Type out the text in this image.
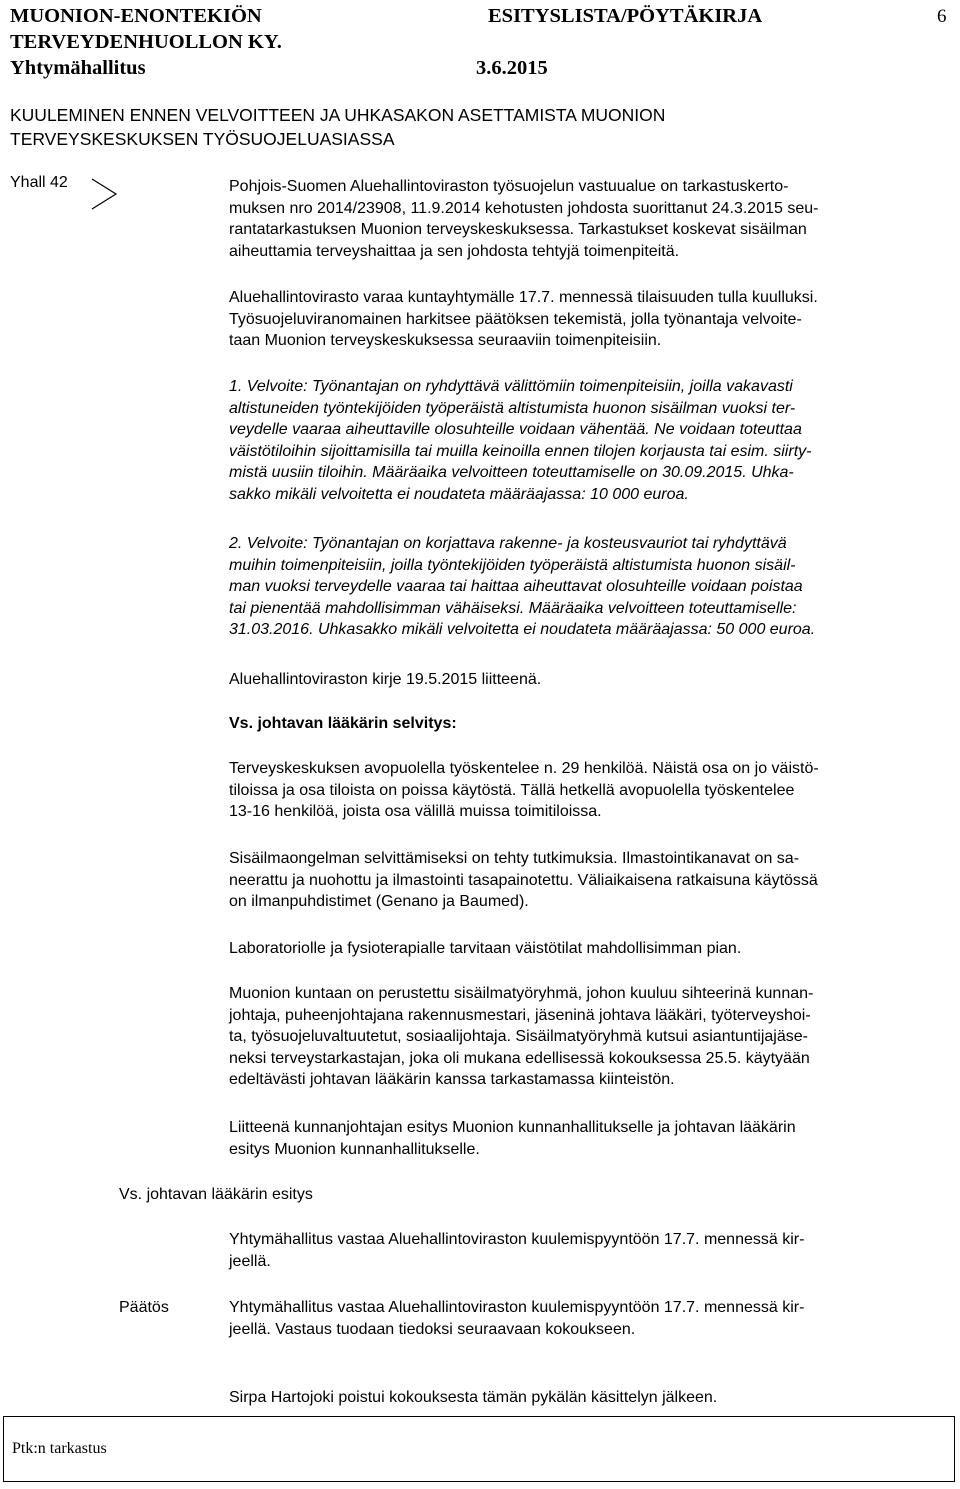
MUONION-ENONTEKIÖN
TERVEYDENHUOLLON KY.
Yhtymähallitus
ESITYSLISTA/PÖYTÄKIRJA
3.6.2015
6
KUULEMINEN ENNEN VELVOITTEEN JA UHKASAKON ASETTAMISTA MUONION
TERVEYSKESKUKSEN TYÖSUOJELUASIASSA
Yhall 42	Pohjois-Suomen Aluehallintoviraston työsuojelun vastuualue on tarkastuskerto-

muksen nro 2014/23908, 11.9.2014 kehotusten johdosta suorittanut 24.3.2015 seu-

rantatarkastuksen Muonion terveyskeskuksessa. Tarkastukset koskevat sisäilman

aiheuttamia terveyshaittaa ja sen johdosta tehtyjä toimenpiteitä.

Aluehallintovirasto varaa kuntayhtymälle 17.7. mennessä tilaisuuden tulla kuulluksi.

Työsuojeluviranomainen harkitsee päätöksen tekemistä, jolla työnantaja velvoite-

taan Muonion terveyskeskuksessa seuraaviin toimenpiteisiin.

1. Velvoite: Työnantajan on ryhdyttävä välittömiin toimenpiteisiin, joilla vakavasti

altistuneiden työntekijöiden työperäistä altistumista huonon sisäilman vuoksi ter-

veydelle vaaraa aiheuttaville olosuhteille voidaan vähentää. Ne voidaan toteuttaa

väistötiloihin sijoittamisilla tai muilla keinoilla ennen tilojen korjausta tai esim. siirty-

mistä uusiin tiloihin. Määräaika velvoitteen toteuttamiselle on 30.09.2015. Uhka-

sakko mikäli velvoitetta ei noudateta määräajassa: 10 000 euroa.

2. Velvoite: Työnantajan on korjattava rakenne- ja kosteusvauriot tai ryhdyttävä

muihin toimenpiteisiin, joilla työntekijöiden työperäistä altistumista huonon sisäil-

man vuoksi terveydelle vaaraa tai haittaa aiheuttavat olosuhteille voidaan poistaa

tai pienentää mahdollisimman vähäiseksi. Määräaika velvoitteen toteuttamiselle:

31.03.2016. Uhkasakko mikäli velvoitetta ei noudateta määräajassa: 50 000 euroa.

Aluehallintoviraston kirje 19.5.2015 liitteenä.
Vs. johtavan lääkärin selvitys:

Terveyskeskuksen avopuolella työskentelee n. 29 henkilöä. Näistä osa on jo väistö-

tiloissa ja osa tiloista on poissa käytöstä. Tällä hetkellä avopuolella työskentelee

13-16 henkilöä, joista osa välillä muissa toimitiloissa.

Sisäilmaongelman selvittämiseksi on tehty tutkimuksia. Ilmastointikanavat on sa-

neerattu ja nuohottu ja ilmastointi tasapainotettu. Väliaikaisena ratkaisuna käytössä

on ilmanpuhdistimet (Genano ja Baumed).

Laboratoriolle ja fysioterapialle tarvitaan väistötilat mahdollisimman pian.

Muonion kuntaan on perustettu sisäilmatyöryhmä, johon kuuluu sihteerinä kunnan-

johtaja, puheenjohtajana rakennusmestari, jäseninä johtava lääkäri, työterveyshoi-

ta, työsuojeluvaltuutetut, sosiaalijohtaja. Sisäilmatyöryhmä kutsui asiantuntijajäse-

neksi terveystarkastajan, joka oli mukana edellisessä kokouksessa 25.5. käytyään

edeltävästi johtavan lääkärin kanssa tarkastamassa kiinteistön.

Liitteenä kunnanjohtajan esitys Muonion kunnanhallitukselle ja johtavan lääkärin

esitys Muonion kunnanhallitukselle.

Vs. johtavan lääkärin esitys

Yhtymähallitus vastaa Aluehallintoviraston kuulemispyyntöön 17.7. mennessä kir-

jeellä.

Päätös	Yhtymähallitus vastaa Aluehallintoviraston kuulemispyyntöön 17.7. mennessä kir-

jeellä. Vastaus tuodaan tiedoksi seuraavaan kokoukseen.

Sirpa Hartojoki poistui kokouksesta tämän pykälän käsittelyn jälkeen.
Ptk:n tarkastus
